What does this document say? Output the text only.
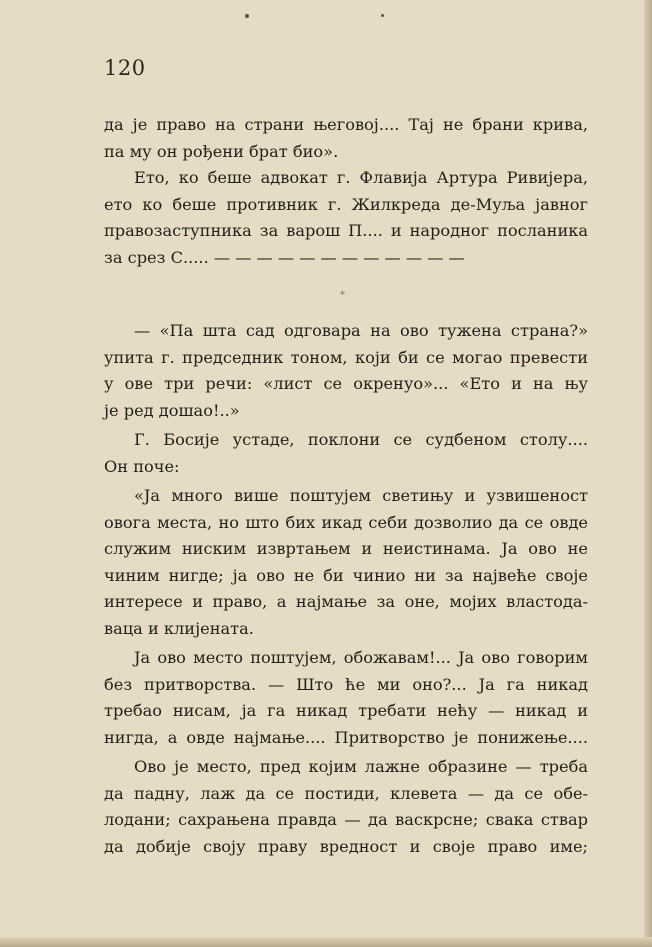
120
да је право на страни његовој.... Тај не брани крива,
па му он рођени брат био».
Ето, ко беше адвокат г. Флавија Артура Ривијера,
ето ко беше противник г. Жилкреда де-Муља јавног
правозаступника за варош П.... и народног посланика
за срез С..... — — — — — — — — — — — —
*
— «Па шта сад одговара на ово тужена страна?»
упита г. председник тоном, који би се могао превести
у ове три речи: «лист се окренуо»... «Ето и на њу
је ред дошао!..»
Г. Босије устаде, поклони се судбеном столу....
Он поче:
«Ја много више поштујем светињу и узвишеност
овога места, но што бих икад себи дозволио да се овде
служим ниским извртањем и неистинама. Ја ово не
чиним нигде; ја ово не би чинио ни за највеће своје
интересе и право, а најмање за оне, мојих властода-
ваца и клијената.
Ја ово место поштујем, обожавам!... Ја ово говорим
без притворства. — Што ће ми оно?... Ја га никад
требао нисам, ја га никад требати нећу — никад и
нигда, а овде најмање.... Притворство је понижење....
Ово је место, пред којим лажне образине — треба
да падну, лаж да се постиди, клевета — да се обе-
лодани; сахрањена правда — да васкрсне; свака ствар
да добије своју праву вредност и своје право име;
